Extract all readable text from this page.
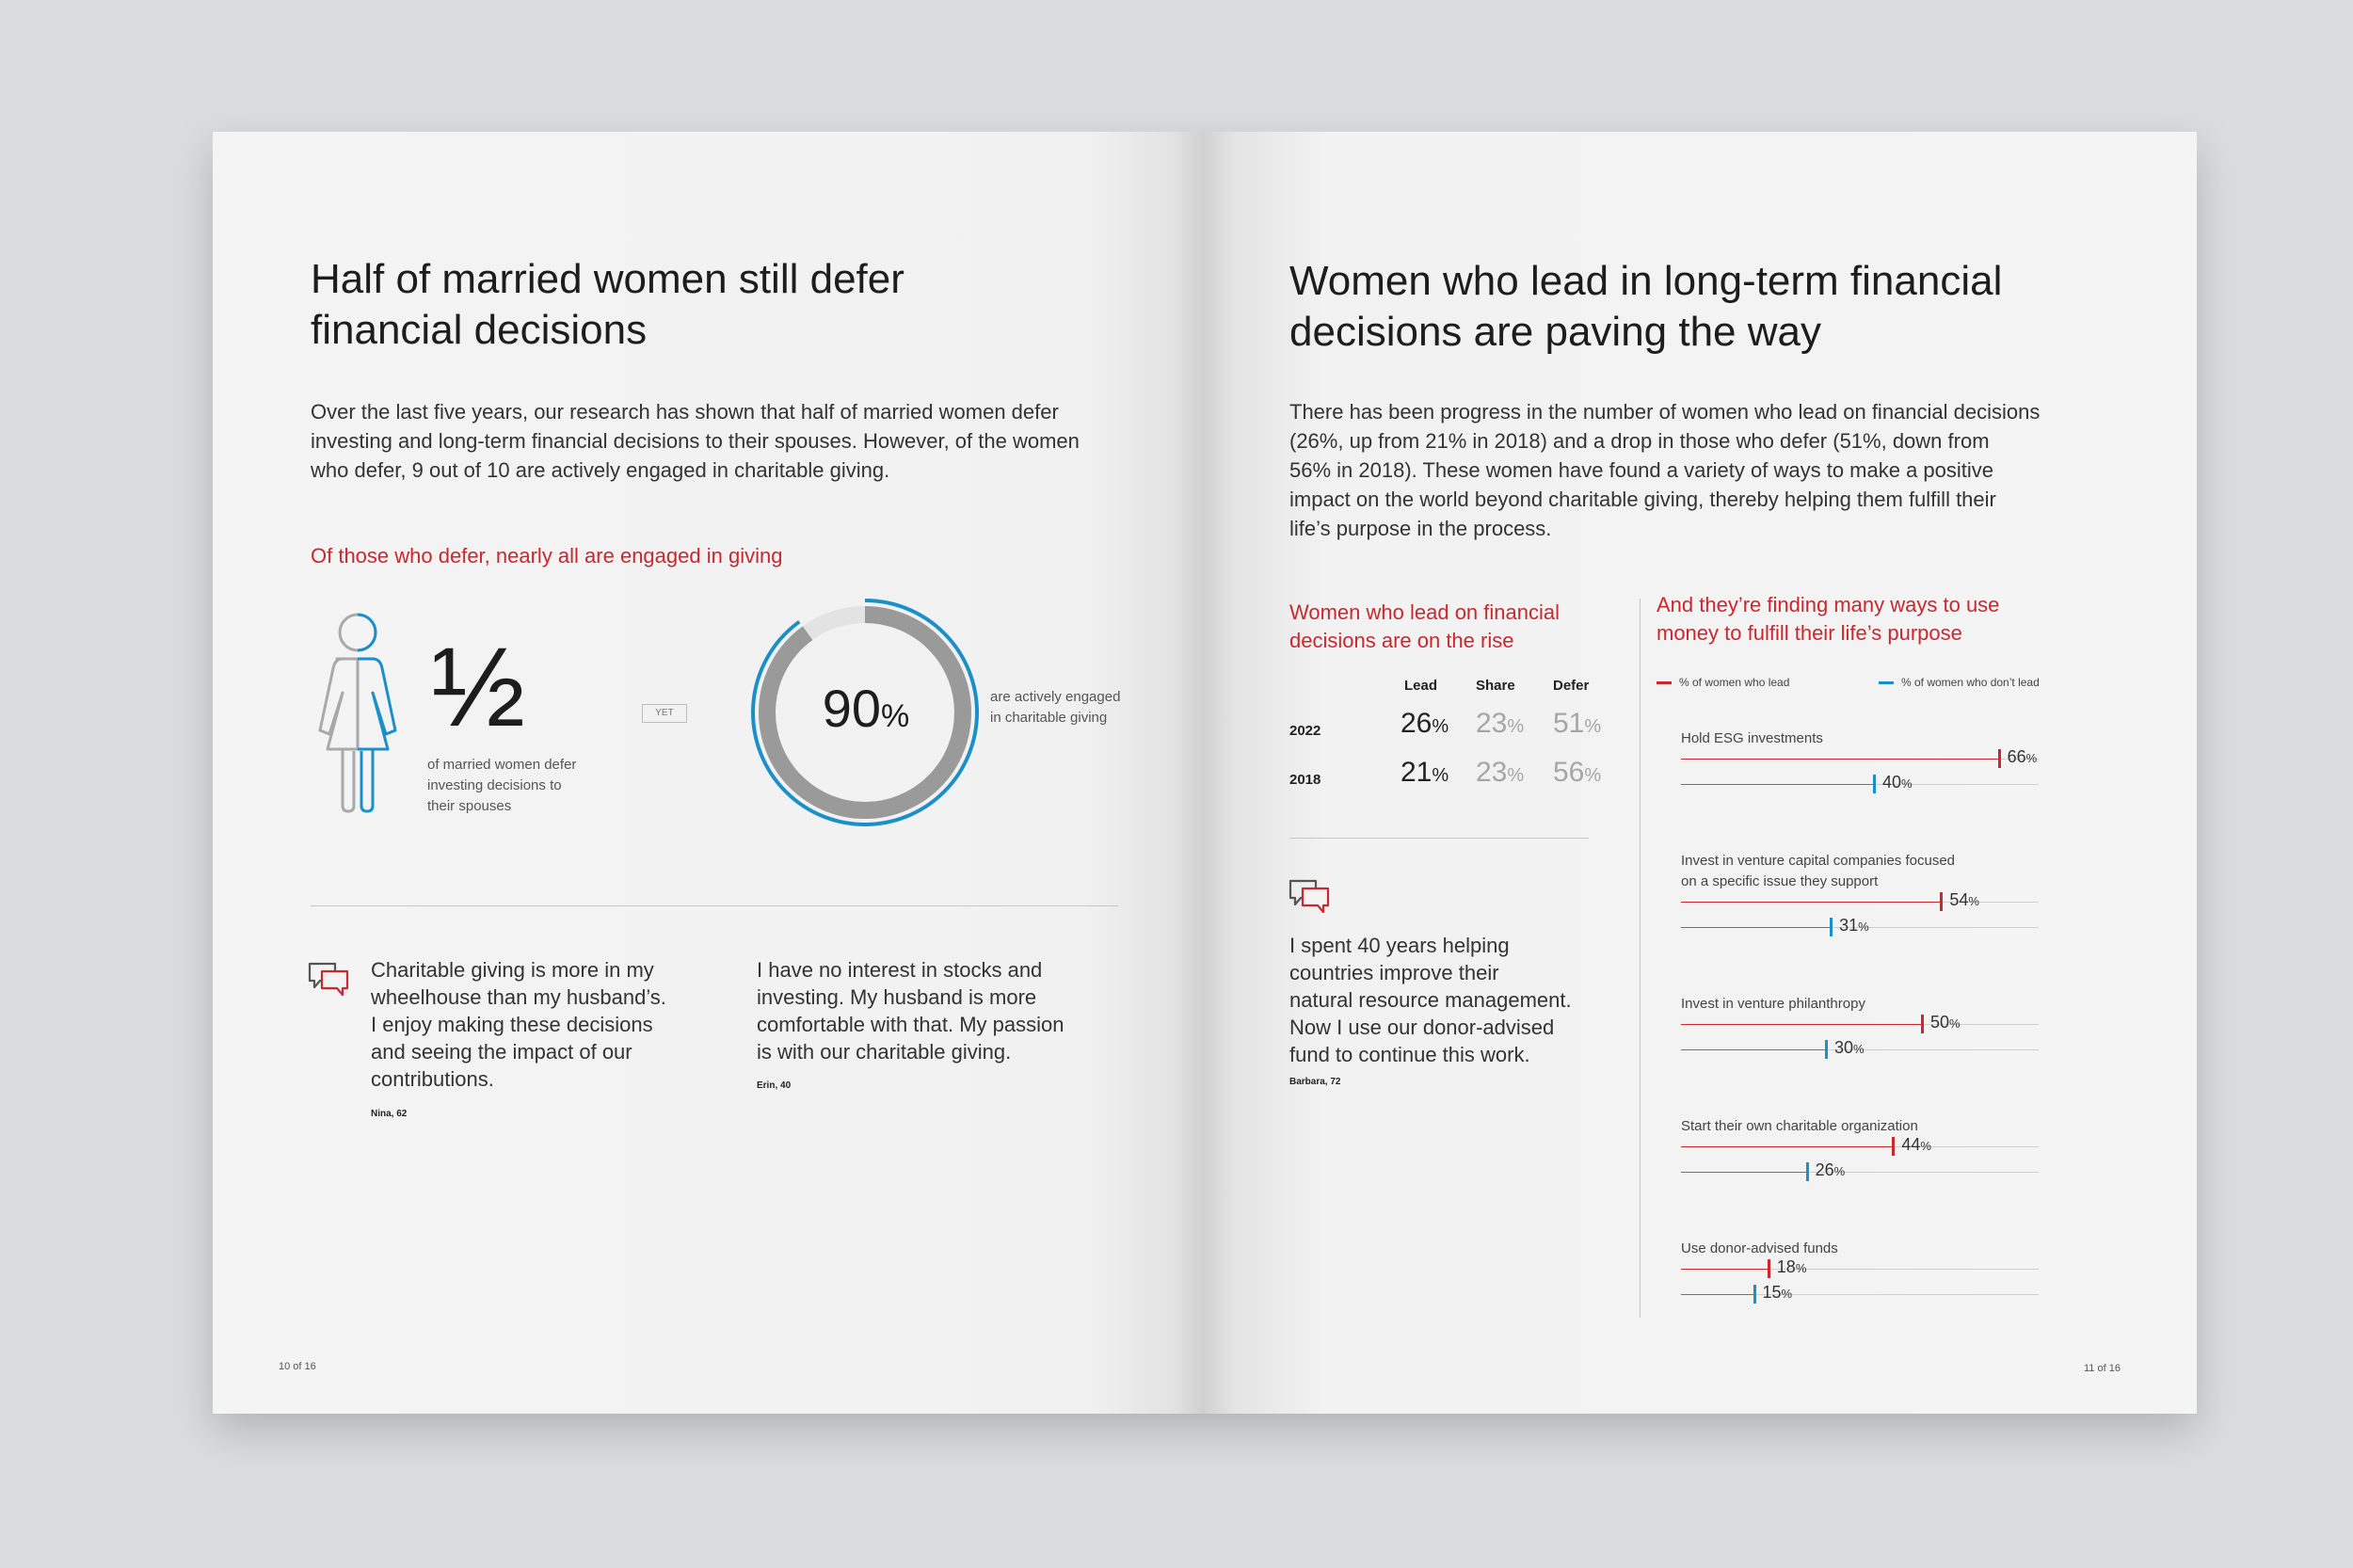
Half of married women still defer
financial decisions
Over the last five years, our research has shown that half of married women defer
investing and long-term financial decisions to their spouses. However, of the women
who defer, 9 out of 10 are actively engaged in charitable giving.
Of those who defer, nearly all are engaged in giving
½
of married women defer
investing decisions to
their spouses
YET	90%
are actively engaged
in charitable giving
Charitable giving is more in my
wheelhouse than my husband’s.
I enjoy making these decisions
and seeing the impact of our
contributions.
Nina, 62
I have no interest in stocks and
investing. My husband is more
comfortable with that. My passion
is with our charitable giving.
Erin, 40
10 of 16
Women who lead in long-term financial
decisions are paving the way
There has been progress in the number of women who lead on financial decisions
(26%, up from 21% in 2018) and a drop in those who defer (51%, down from
56% in 2018). These women have found a variety of ways to make a positive
impact on the world beyond charitable giving, thereby helping them fulfill their
life’s purpose in the process.
Women who lead on financial
decisions are on the rise
Lead	Share	Defer
2022	26% 23% 51%
2018	21% 23% 56%
I spent 40 years helping
countries improve their
natural resource management.
Now I use our donor-advised
fund to continue this work.
Barbara, 72
And they’re finding many ways to use
money to fulfill their life’s purpose
% of women who lead	% of women who don’t lead
Hold ESG investments
66%
40%
Invest in venture capital companies focused
on a specific issue they support
54%
31%
Invest in venture philanthropy
50%
30%
Start their own charitable organization
44%
26%
Use donor-advised funds
18%
15%
11 of 16
